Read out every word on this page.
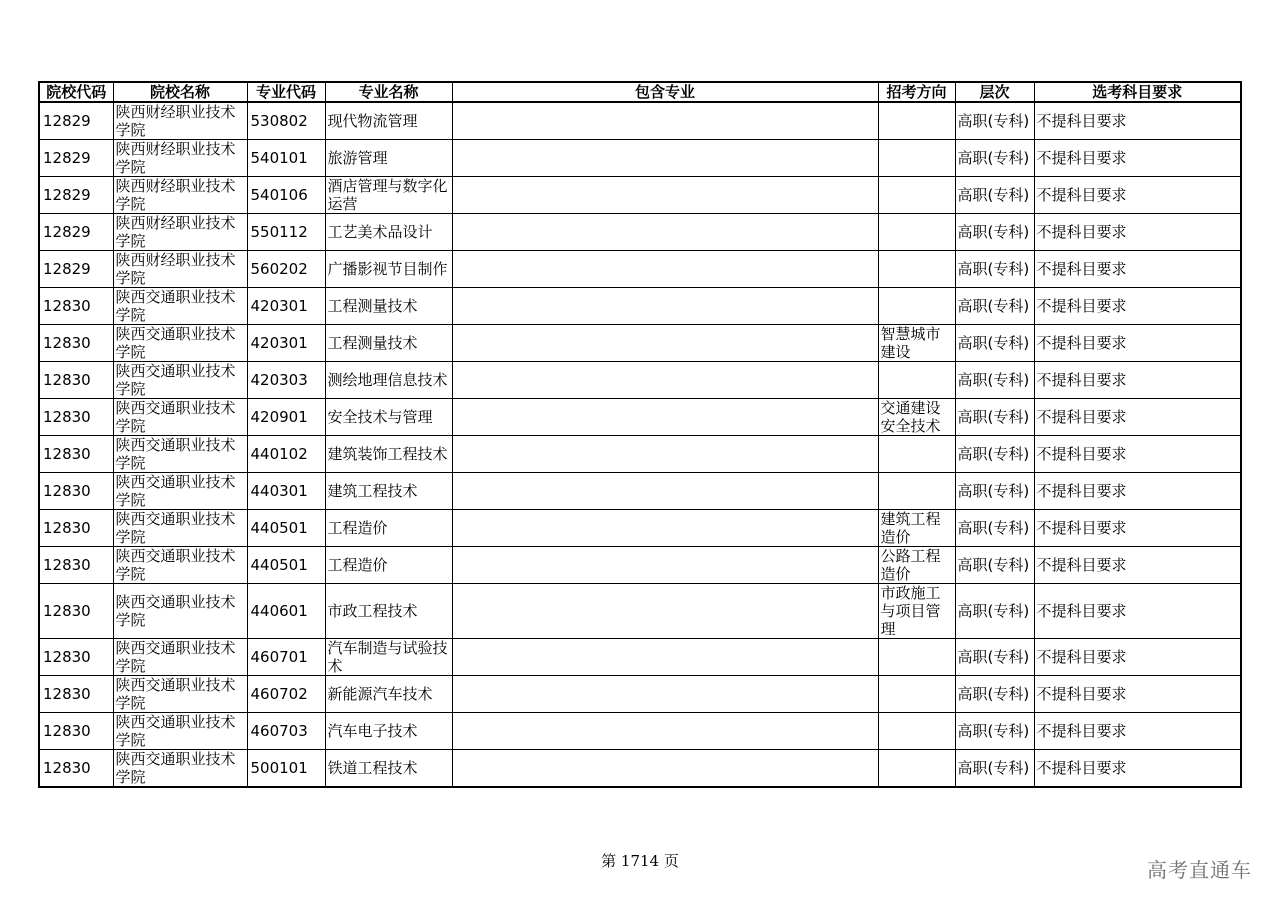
院校代码	院校名称	专业代码	专业名称	包含专业	招考方向	层次	选考科目要求
12829	陕西财经职业技术学院	530802	现代物流管理			高职(专科)	不提科目要求
12829	陕西财经职业技术学院	540101	旅游管理			高职(专科)	不提科目要求
12829	陕西财经职业技术学院	540106	酒店管理与数字化运营			高职(专科)	不提科目要求
12829	陕西财经职业技术学院	550112	工艺美术品设计			高职(专科)	不提科目要求
12829	陕西财经职业技术学院	560202	广播影视节目制作			高职(专科)	不提科目要求
12830	陕西交通职业技术学院	420301	工程测量技术			高职(专科)	不提科目要求
12830	陕西交通职业技术学院	420301	工程测量技术		智慧城市建设	高职(专科)	不提科目要求
12830	陕西交通职业技术学院	420303	测绘地理信息技术			高职(专科)	不提科目要求
12830	陕西交通职业技术学院	420901	安全技术与管理		交通建设安全技术	高职(专科)	不提科目要求
12830	陕西交通职业技术学院	440102	建筑装饰工程技术			高职(专科)	不提科目要求
12830	陕西交通职业技术学院	440301	建筑工程技术			高职(专科)	不提科目要求
12830	陕西交通职业技术学院	440501	工程造价		建筑工程造价	高职(专科)	不提科目要求
12830	陕西交通职业技术学院	440501	工程造价		公路工程造价	高职(专科)	不提科目要求
12830	陕西交通职业技术学院	440601	市政工程技术		市政施工与项目管理	高职(专科)	不提科目要求
12830	陕西交通职业技术学院	460701	汽车制造与试验技术			高职(专科)	不提科目要求
12830	陕西交通职业技术学院	460702	新能源汽车技术			高职(专科)	不提科目要求
12830	陕西交通职业技术学院	460703	汽车电子技术			高职(专科)	不提科目要求
12830	陕西交通职业技术学院	500101	铁道工程技术			高职(专科)	不提科目要求
第 1714 页	高考直通车
